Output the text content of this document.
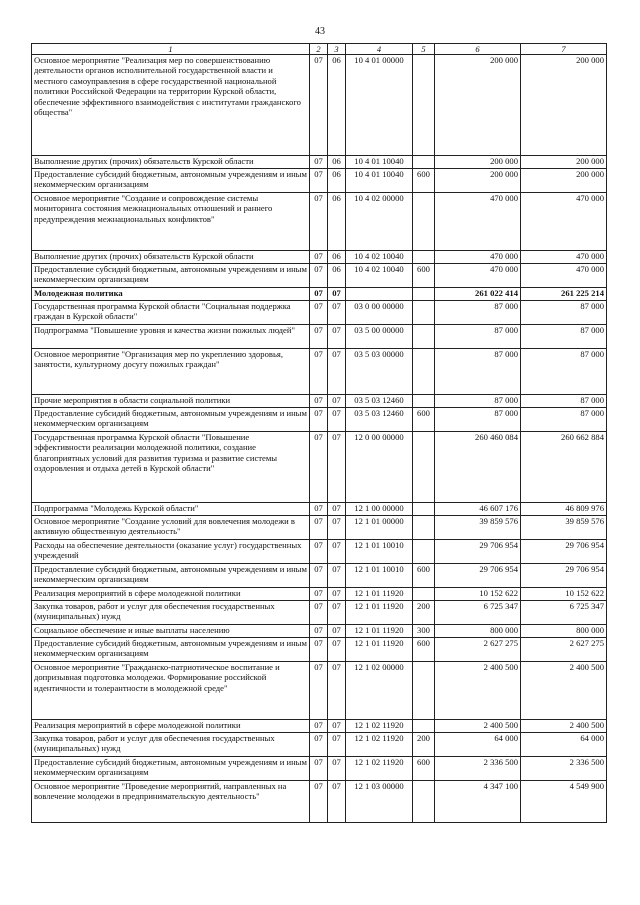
43
1	2	3	4	5	6	7
Основное мероприятие "Реализация мер по совершенствованию деятельности органов исполнительной государственной власти и местного самоуправления в сфере государственной национальной политики Российской Федерации на территории Курской области, обеспечение эффективного взаимодействия с институтами гражданского общества"	07	06	10 4 01 00000		200 000	200 000
Выполнение других (прочих) обязательств Курской области	07	06	10 4 01 10040		200 000	200 000
Предоставление субсидий бюджетным, автономным учреждениям и иным некоммерческим организациям	07	06	10 4 01 10040	600	200 000	200 000
Основное мероприятие "Создание и сопровождение системы мониторинга состояния межнациональных отношений и раннего предупреждения межнациональных конфликтов"	07	06	10 4 02 00000		470 000	470 000
Выполнение других (прочих) обязательств Курской области	07	06	10 4 02 10040		470 000	470 000
Предоставление субсидий бюджетным, автономным учреждениям и иным некоммерческим организациям	07	06	10 4 02 10040	600	470 000	470 000
Молодежная политика	07	07			261 022 414	261 225 214
Государственная программа Курской области "Социальная поддержка граждан в Курской области"	07	07	03 0 00 00000		87 000	87 000
Подпрограмма "Повышение уровня и качества жизни пожилых людей"	07	07	03 5 00 00000		87 000	87 000
Основное мероприятие "Организация мер по укреплению здоровья, занятости, культурному досугу пожилых граждан"	07	07	03 5 03 00000		87 000	87 000
Прочие мероприятия в области социальной политики	07	07	03 5 03 12460		87 000	87 000
Предоставление субсидий бюджетным, автономным учреждениям и иным некоммерческим организациям	07	07	03 5 03 12460	600	87 000	87 000
Государственная программа Курской области "Повышение эффективности реализации молодежной политики, создание благоприятных условий для развития туризма и развитие системы оздоровления и отдыха детей в Курской области"	07	07	12 0 00 00000		260 460 084	260 662 884
Подпрограмма "Молодежь Курской области"	07	07	12 1 00 00000		46 607 176	46 809 976
Основное мероприятие "Создание условий для вовлечения молодежи в активную общественную деятельность"	07	07	12 1 01 00000		39 859 576	39 859 576
Расходы на обеспечение деятельности (оказание услуг) государственных учреждений	07	07	12 1 01 10010		29 706 954	29 706 954
Предоставление субсидий бюджетным, автономным учреждениям и иным некоммерческим организациям	07	07	12 1 01 10010	600	29 706 954	29 706 954
Реализация мероприятий в сфере молодежной политики	07	07	12 1 01 11920		10 152 622	10 152 622
Закупка товаров, работ и услуг для обеспечения государственных (муниципальных) нужд	07	07	12 1 01 11920	200	6 725 347	6 725 347
Социальное обеспечение и иные выплаты населению	07	07	12 1 01 11920	300	800 000	800 000
Предоставление субсидий бюджетным, автономным учреждениям и иным некоммерческим организациям	07	07	12 1 01 11920	600	2 627 275	2 627 275
Основное мероприятие "Гражданско-патриотическое воспитание и допризывная подготовка молодежи. Формирование российской идентичности и толерантности в молодежной среде"	07	07	12 1 02 00000		2 400 500	2 400 500
Реализация мероприятий в сфере молодежной политики	07	07	12 1 02 11920		2 400 500	2 400 500
Закупка товаров, работ и услуг для обеспечения государственных (муниципальных) нужд	07	07	12 1 02 11920	200	64 000	64 000
Предоставление субсидий бюджетным, автономным учреждениям и иным некоммерческим организациям	07	07	12 1 02 11920	600	2 336 500	2 336 500
Основное мероприятие "Проведение мероприятий, направленных на вовлечение молодежи в предпринимательскую деятельность"	07	07	12 1 03 00000		4 347 100	4 549 900
